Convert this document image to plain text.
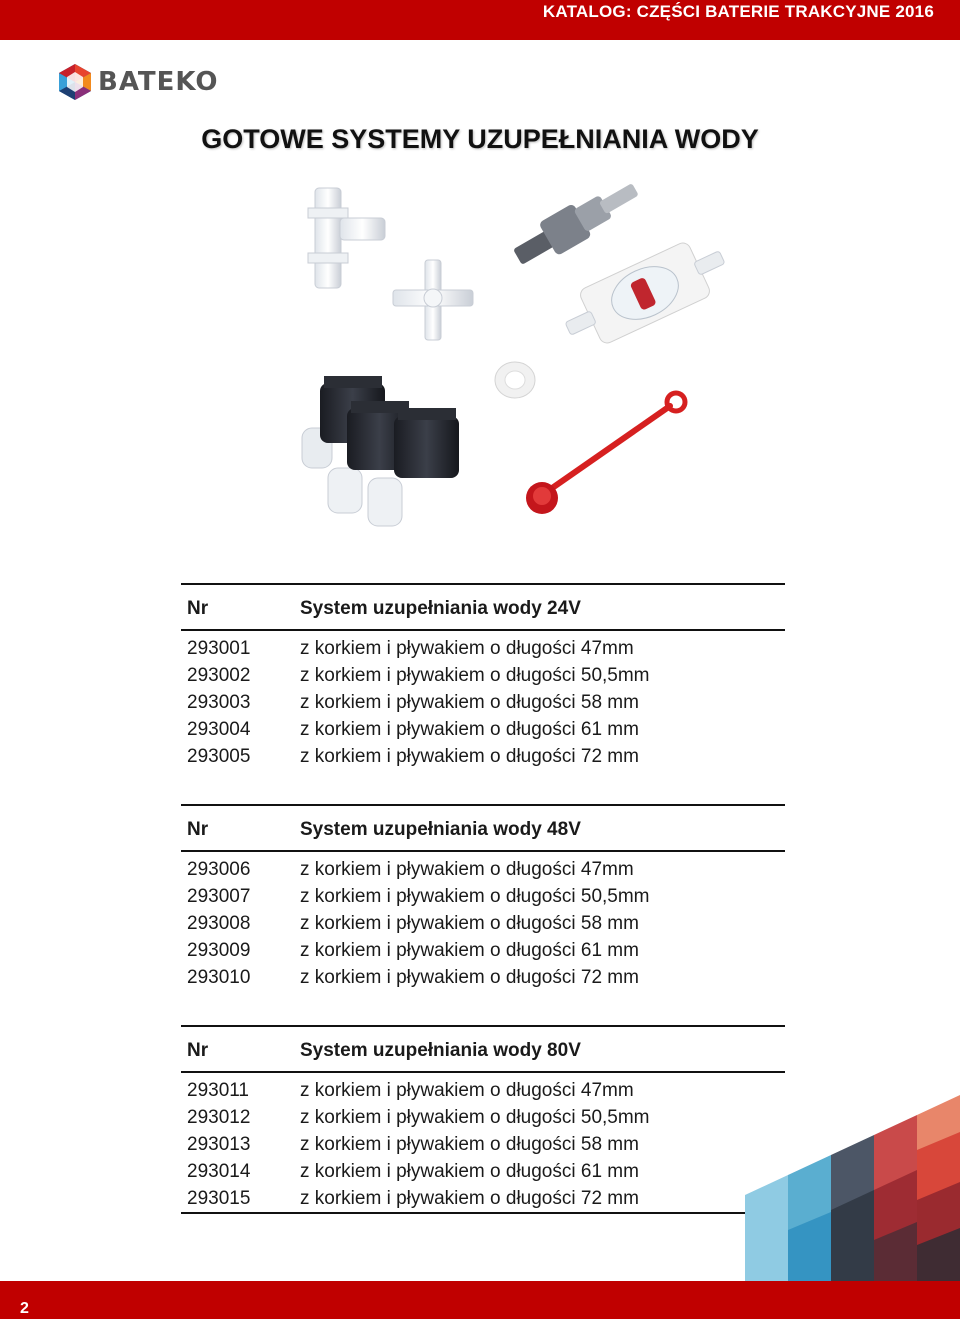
KATALOG: CZĘŚCI BATERIE TRAKCYJNE 2016
BATEKO
GOTOWE SYSTEMY UZUPEŁNIANIA WODY
Nr	System uzupełniania wody 24V
293001	z korkiem i pływakiem o długości 47mm
293002	z korkiem i pływakiem o długości 50,5mm
293003	z korkiem i pływakiem o długości 58 mm
293004	z korkiem i pływakiem o długości 61 mm
293005	z korkiem i pływakiem o długości 72 mm
Nr	System uzupełniania wody 48V
293006	z korkiem i pływakiem o długości 47mm
293007	z korkiem i pływakiem o długości 50,5mm
293008	z korkiem i pływakiem o długości 58 mm
293009	z korkiem i pływakiem o długości 61 mm
293010	z korkiem i pływakiem o długości 72 mm
Nr	System uzupełniania wody 80V
293011	z korkiem i pływakiem o długości 47mm
293012	z korkiem i pływakiem o długości 50,5mm
293013	z korkiem i pływakiem o długości 58 mm
293014	z korkiem i pływakiem o długości 61 mm
293015	z korkiem i pływakiem o długości 72 mm
2
